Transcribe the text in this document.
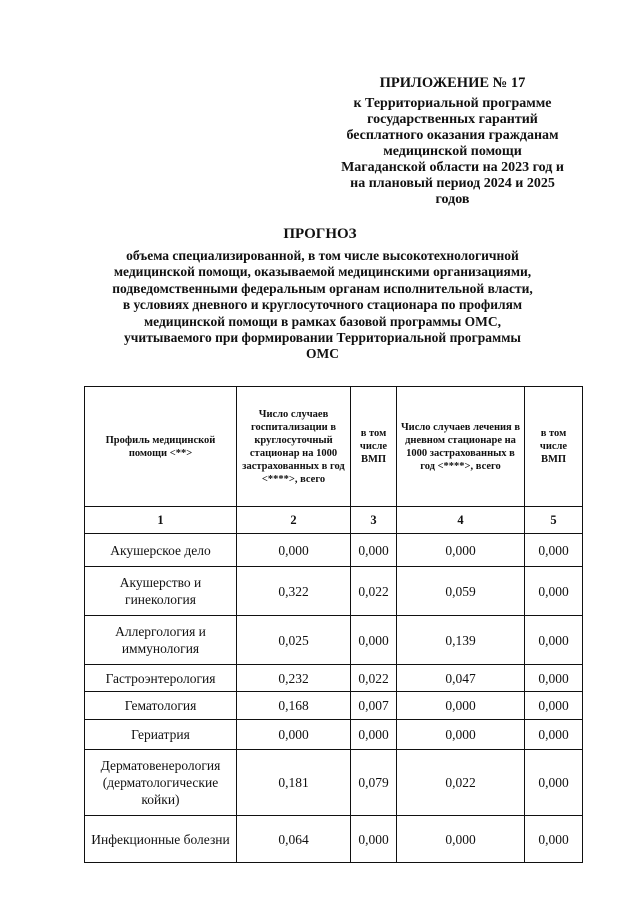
ПРИЛОЖЕНИЕ № 17
к Территориальной программе
государственных гарантий
бесплатного оказания гражданам
медицинской помощи
Магаданской области на 2023 год и
на плановый период 2024 и 2025
годов
ПРОГНОЗ
объема специализированной, в том числе высокотехнологичной
медицинской помощи, оказываемой медицинскими организациями,
подведомственными федеральным органам исполнительной власти,
в условиях дневного и круглосуточного стационара по профилям
медицинской помощи в рамках базовой программы ОМС,
учитываемого при формировании Территориальной программы
ОМС
Профиль медицинской помощи <**>	Число случаев госпитализации в круглосуточный стационар на 1000 застрахованных в год <****>, всего	в том числе ВМП	Число случаев лечения в дневном стационаре на 1000 застрахованных в год <****>, всего	в том числе ВМП
1	2	3	4	5
Акушерское дело	0,000	0,000	0,000	0,000
Акушерство и гинекология	0,322	0,022	0,059	0,000
Аллергология и иммунология	0,025	0,000	0,139	0,000
Гастроэнтерология	0,232	0,022	0,047	0,000
Гематология	0,168	0,007	0,000	0,000
Гериатрия	0,000	0,000	0,000	0,000
Дерматовенерология (дерматологические койки)	0,181	0,079	0,022	0,000
Инфекционные болезни	0,064	0,000	0,000	0,000
